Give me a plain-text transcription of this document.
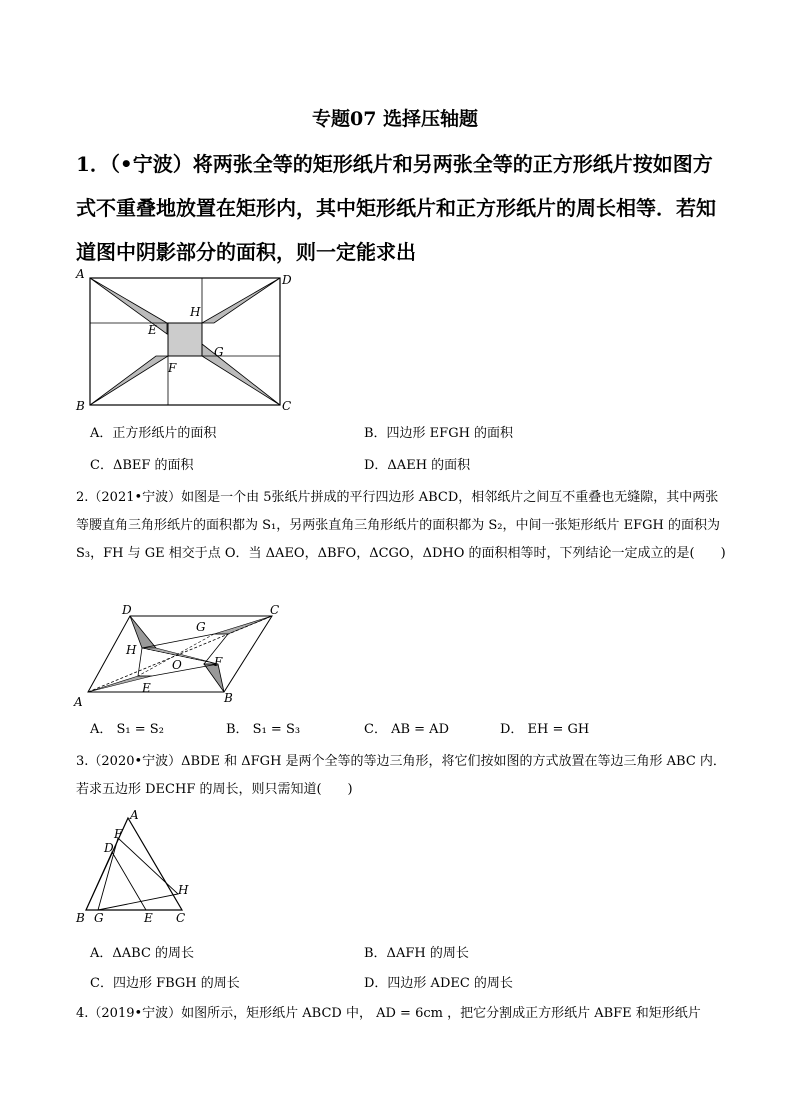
专题07 选择压轴题
1．（•宁波）将两张全等的矩形纸片和另两张全等的正方形纸片按如图方式不重叠地放置在矩形内，其中矩形纸片和正方形纸片的周长相等．若知道图中阴影部分的面积，则一定能求出
A	D
H
E
G
F
B	C
A．正方形纸片的面积	B．四边形 EFGH 的面积
C．ΔBEF 的面积	D．ΔAEH 的面积
2.（2021•宁波）如图是一个由 5张纸片拼成的平行四边形 ABCD，相邻纸片之间互不重叠也无缝隙，其中两张等腰直角三角形纸片的面积都为 S₁，另两张直角三角形纸片的面积都为 S₂，中间一张矩形纸片 EFGH 的面积为 S₃，FH 与 GE 相交于点 O．当 ΔAEO，ΔBFO，ΔCGO，ΔDHO 的面积相等时，下列结论一定成立的是(　　)
D	C
G
H
O	F
E
A	B
A． S₁ = S₂	B． S₁ = S₃	C． AB = AD	D． EH = GH
3.（2020•宁波）ΔBDE 和 ΔFGH 是两个全等的等边三角形，将它们按如图的方式放置在等边三角形 ABC 内．若求五边形 DECHF 的周长，则只需知道(　　)
A
F
D
H
B G	E C
A．ΔABC 的周长	B．ΔAFH 的周长
C．四边形 FBGH 的周长	D．四边形 ADEC 的周长
4.（2019•宁波）如图所示，矩形纸片 ABCD 中， AD = 6cm ，把它分割成正方形纸片 ABFE 和矩形纸片
